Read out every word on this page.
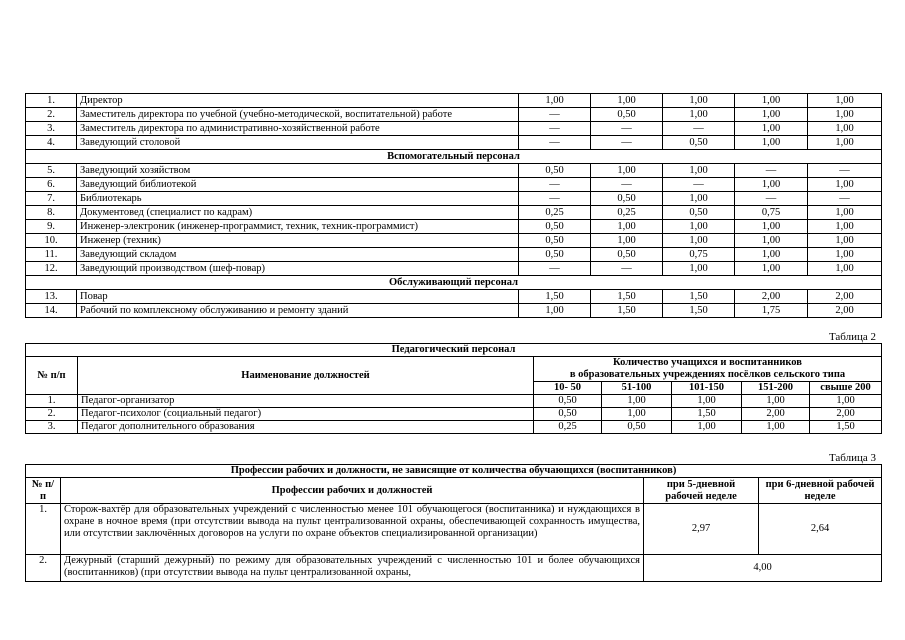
1.	Директор	1,00	1,00	1,00	1,00	1,00
2.	Заместитель директора по учебной (учебно-методической, воспитательной) работе	—	0,50	1,00	1,00	1,00
3.	Заместитель директора по административно-хозяйственной работе	—	—	—	1,00	1,00
4.	Заведующий столовой	—	—	0,50	1,00	1,00
Вспомогательный персонал						
5.	Заведующий хозяйством	0,50	1,00	1,00	—	—
6.	Заведующий библиотекой	—	—	—	1,00	1,00
7.	Библиотекарь	—	0,50	1,00	—	—
8.	Документовед (специалист по кадрам)	0,25	0,25	0,50	0,75	1,00
9.	Инженер-электроник (инженер-программист, техник, техник-программист)	0,50	1,00	1,00	1,00	1,00
10.	Инженер (техник)	0,50	1,00	1,00	1,00	1,00
11.	Заведующий складом	0,50	0,50	0,75	1,00	1,00
12.	Заведующий производством (шеф-повар)	—	—	1,00	1,00	1,00
Обслуживающий персонал						
13.	Повар	1,50	1,50	1,50	2,00	2,00
14.	Рабочий по комплексному обслуживанию и ремонту зданий	1,00	1,50	1,50	1,75	2,00
Таблица 2
Педагогический персонал						
№ п/п	Наименование должностей	Количество учащихся и воспитанников
в образовательных учреждениях посёлков сельского типа				

		10- 50	51-100	101-150	151-200	свыше 200
1.	Педагог-организатор	0,50	1,00	1,00	1,00	1,00
2.	Педагог-психолог (социальный педагог)	0,50	1,00	1,50	2,00	2,00
3.	Педагог дополнительного образования	0,25	0,50	1,00	1,00	1,50
Таблица 3
Профессии рабочих и должности, не зависящие от количества обучающихся (воспитанников)			
№ п/п	Профессии рабочих и должностей	при 5-дневной рабочей неделе	при 6-дневной рабочей неделе
1.	Сторож-вахтёр для образовательных учреждений с численностью менее 101 обучающегося (воспитанника) и нуждающихся в охране в ночное время (при отсутствии вывода на пульт централизованной охраны, обеспечивающей сохранность имущества, или отсутствии заключённых договоров на услуги по охране объектов специализированной организации)	2,97	2,64
2.	Дежурный (старший дежурный) по режиму для образовательных учреждений с численностью 101 и более обучающихся (воспитанников) (при отсутствии вывода на пульт централизованной охраны,	4,00	
